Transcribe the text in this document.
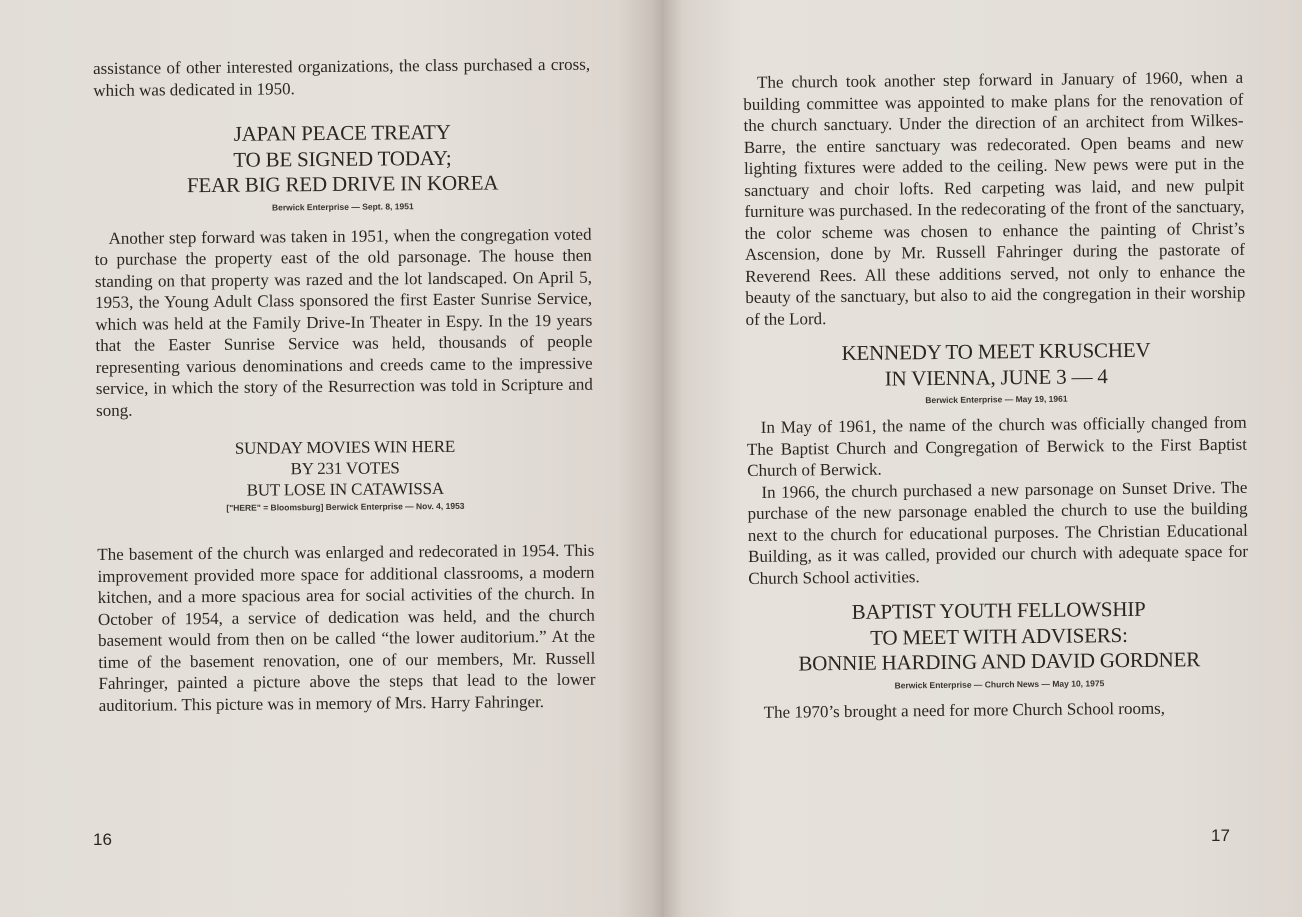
assistance of other interested organizations, the class purchased a cross, which was dedicated in 1950.

JAPAN PEACE TREATY
TO BE SIGNED TODAY;
FEAR BIG RED DRIVE IN KOREA
Berwick Enterprise — Sept. 8, 1951

Another step forward was taken in 1951, when the congregation voted to purchase the property east of the old parsonage. The house then standing on that property was razed and the lot landscaped. On April 5, 1953, the Young Adult Class sponsored the first Easter Sunrise Service, which was held at the Family Drive-In Theater in Espy. In the 19 years that the Easter Sunrise Service was held, thousands of people representing various denominations and creeds came to the impressive service, in which the story of the Resurrection was told in Scripture and song.

SUNDAY MOVIES WIN HERE
BY 231 VOTES
BUT LOSE IN CATAWISSA
["HERE" = Bloomsburg] Berwick Enterprise — Nov. 4, 1953

The basement of the church was enlarged and redecorated in 1954. This improvement provided more space for additional classrooms, a modern kitchen, and a more spacious area for social activities of the church. In October of 1954, a service of dedication was held, and the church basement would from then on be called “the lower auditorium.” At the time of the basement renovation, one of our members, Mr. Russell Fahringer, painted a picture above the steps that lead to the lower auditorium. This picture was in memory of Mrs. Harry Fahringer.

16

The church took another step forward in January of 1960, when a building committee was appointed to make plans for the renovation of the church sanctuary. Under the direction of an architect from Wilkes-Barre, the entire sanctuary was redecorated. Open beams and new lighting fixtures were added to the ceiling. New pews were put in the sanctuary and choir lofts. Red carpeting was laid, and new pulpit furniture was purchased. In the redecorating of the front of the sanctuary, the color scheme was chosen to enhance the painting of Christ’s Ascension, done by Mr. Russell Fahringer during the pastorate of Reverend Rees. All these additions served, not only to enhance the beauty of the sanctuary, but also to aid the congregation in their worship of the Lord.

KENNEDY TO MEET KRUSCHEV
IN VIENNA, JUNE 3 — 4
Berwick Enterprise — May 19, 1961

In May of 1961, the name of the church was officially changed from The Baptist Church and Congregation of Berwick to the First Baptist Church of Berwick.

In 1966, the church purchased a new parsonage on Sunset Drive. The purchase of the new parsonage enabled the church to use the building next to the church for educational purposes. The Christian Educational Building, as it was called, provided our church with adequate space for Church School activities.

BAPTIST YOUTH FELLOWSHIP
TO MEET WITH ADVISERS:
BONNIE HARDING AND DAVID GORDNER
Berwick Enterprise — Church News — May 10, 1975

The 1970’s brought a need for more Church School rooms,

17
